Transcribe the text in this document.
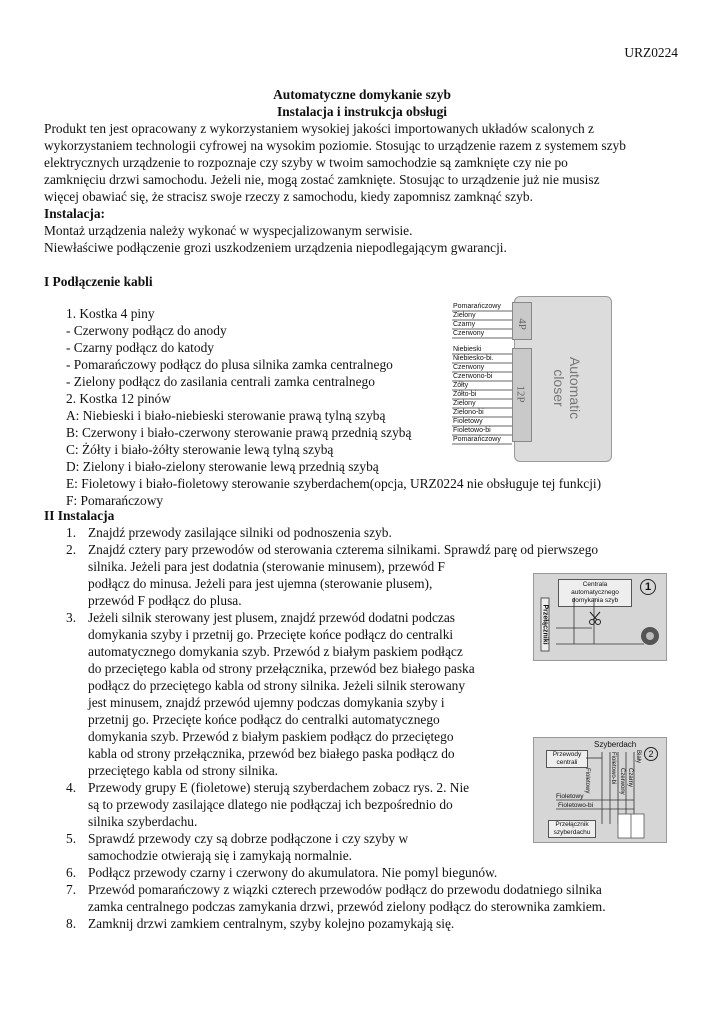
URZ0224
Automatyczne domykanie szyb
Instalacja i instrukcja obsługi
Produkt ten jest opracowany z wykorzystaniem wysokiej jakości importowanych układów scalonych z
wykorzystaniem technologii cyfrowej na wysokim poziomie. Stosując to urządzenie razem z systemem szyb
elektrycznych urządzenie to rozpoznaje czy szyby w twoim samochodzie są zamknięte czy nie po
zamknięciu drzwi samochodu. Jeżeli nie, mogą zostać zamknięte. Stosując to urządzenie już nie musisz
więcej obawiać się, że stracisz swoje rzeczy z samochodu, kiedy zapomnisz zamknąć szyb.
Instalacja:
Montaż urządzenia należy wykonać w wyspecjalizowanym serwisie.
Niewłaściwe podłączenie grozi uszkodzeniem urządzenia niepodlegającym gwarancji.
I Podłączenie kabli
1. Kostka 4 piny
- Czerwony podłącz do anody
- Czarny podłącz do katody
- Pomarańczowy podłącz do plusa silnika zamka centralnego
- Zielony podłącz do zasilania centrali zamka centralnego
2. Kostka 12 pinów
A: Niebieski i biało-niebieski sterowanie prawą tylną szybą
B: Czerwony i biało-czerwony sterowanie prawą przednią szybą
C: Żółty i biało-żółty sterowanie lewą tylną szybą
D: Zielony i biało-zielony sterowanie lewą przednią szybą
E: Fioletowy i biało-fioletowy sterowanie szyberdachem(opcja, URZ0224 nie obsługuje tej funkcji)
F: Pomarańczowy
4P
12P	Automatic closer
Pomarańczowy
Zielony
Czarny
Czerwony
Niebieski
Niebiesko-bi.
Czerwony
Czerwono-bi
Żółty
Żółto-bi
Zielony
Zielono-bi
Fioletowy
Fioletowo-bi
Pomarańczowy
II Instalacja
1. Znajdź przewody zasilające silniki od podnoszenia szyb.
2. Znajdź cztery pary przewodów od sterowania czterema silnikami. Sprawdź parę od pierwszego
silnika. Jeżeli para jest dodatnia (sterowanie minusem), przewód F
podłącz do minusa. Jeżeli para jest ujemna (sterowanie plusem),
przewód F podłącz do plusa.
3. Jeżeli silnik sterowany jest plusem, znajdź przewód dodatni podczas
domykania szyby i przetnij go. Przecięte końce podłącz do centralki
automatycznego domykania szyb. Przewód z białym paskiem podłącz
do przeciętego kabla od strony przełącznika, przewód bez białego paska
podłącz do przeciętego kabla od strony silnika. Jeżeli silnik sterowany
jest minusem, znajdź przewód ujemny podczas domykania szyby i
przetnij go. Przecięte końce podłącz do centralki automatycznego
domykania szyb. Przewód z białym paskiem podłącz do przeciętego
kabla od strony przełącznika, przewód bez białego paska podłącz do
przeciętego kabla od strony silnika.
4. Przewody grupy E (fioletowe) sterują szyberdachem zobacz rys. 2. Nie
są to przewody zasilające dlatego nie podłączaj ich bezpośrednio do
silnika szyberdachu.
5. Sprawdź przewody czy są dobrze podłączone i czy szyby w
samochodzie otwierają się i zamykają normalnie.
6. Podłącz przewody czarny i czerwony do akumulatora. Nie pomyl biegunów.
7. Przewód pomarańczowy z wiązki czterech przewodów podłącz do przewodu dodatniego silnika
zamka centralnego podczas zamykania drzwi, przewód zielony podłącz do sterownika zamkiem.
8. Zamknij drzwi zamkiem centralnym, szyby kolejno pozamykają się.
Centrala automatycznego domykania szyb
1
Przełączniki
Szyberdach
2
Przewody centrali
Fioletowy
Fioletowo-bi
Przełącznik szyberdachu
Fioletowy	Czarny
Czerwony
Biały
Fioletowo-bi
